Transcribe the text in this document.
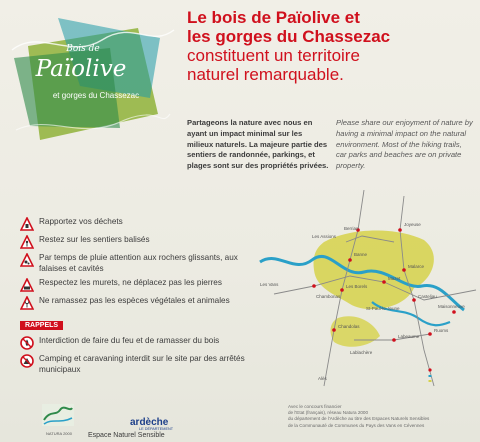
Bois de
Païolive
et gorges du Chassezac
Le bois de Païolive et
les gorges du Chassezac
constituent un territoire
naturel remarquable.
Partageons la nature avec nous en ayant un impact minimal sur les milieux naturels. La majeure partie des sentiers de randonnée, parkings, et plages sont sur des propriétés privées.
Please share our enjoyment of nature by having a minimal impact on the natural environment. Most of the hiking trails, car parks and beaches are on private property.
Rapportez vos déchets
Restez sur les sentiers balisés
Par temps de pluie attention aux rochers glissants, aux falaises et cavités
Respectez les murets, ne déplacez pas les pierres
Ne ramassez pas les espèces végétales et animales
RAPPELS
Interdiction de faire du feu et de ramasser du bois
Camping et caravaning interdit sur le site par des arrêtés municipaux
Les Vans
Les Assions
Chambonas
Berrias
Banne
Malarce
Joyeuse
Mazet
Casteljau
Les Borels
Chandolas
Maisonneuve
Labeaume
Ruoms
Alès
Lablachère
St-Paul-le-Jeune
Avec le concours financier
de l'Etat (français), réseau Natura 2000
du département de l'Ardèche au titre des Espaces Naturels Sensibles
de la Communauté de Communes du Pays des Vans en Cévennes
NATURA 2000
ardèche
LE DÉPARTEMENT
Espace Naturel Sensible
